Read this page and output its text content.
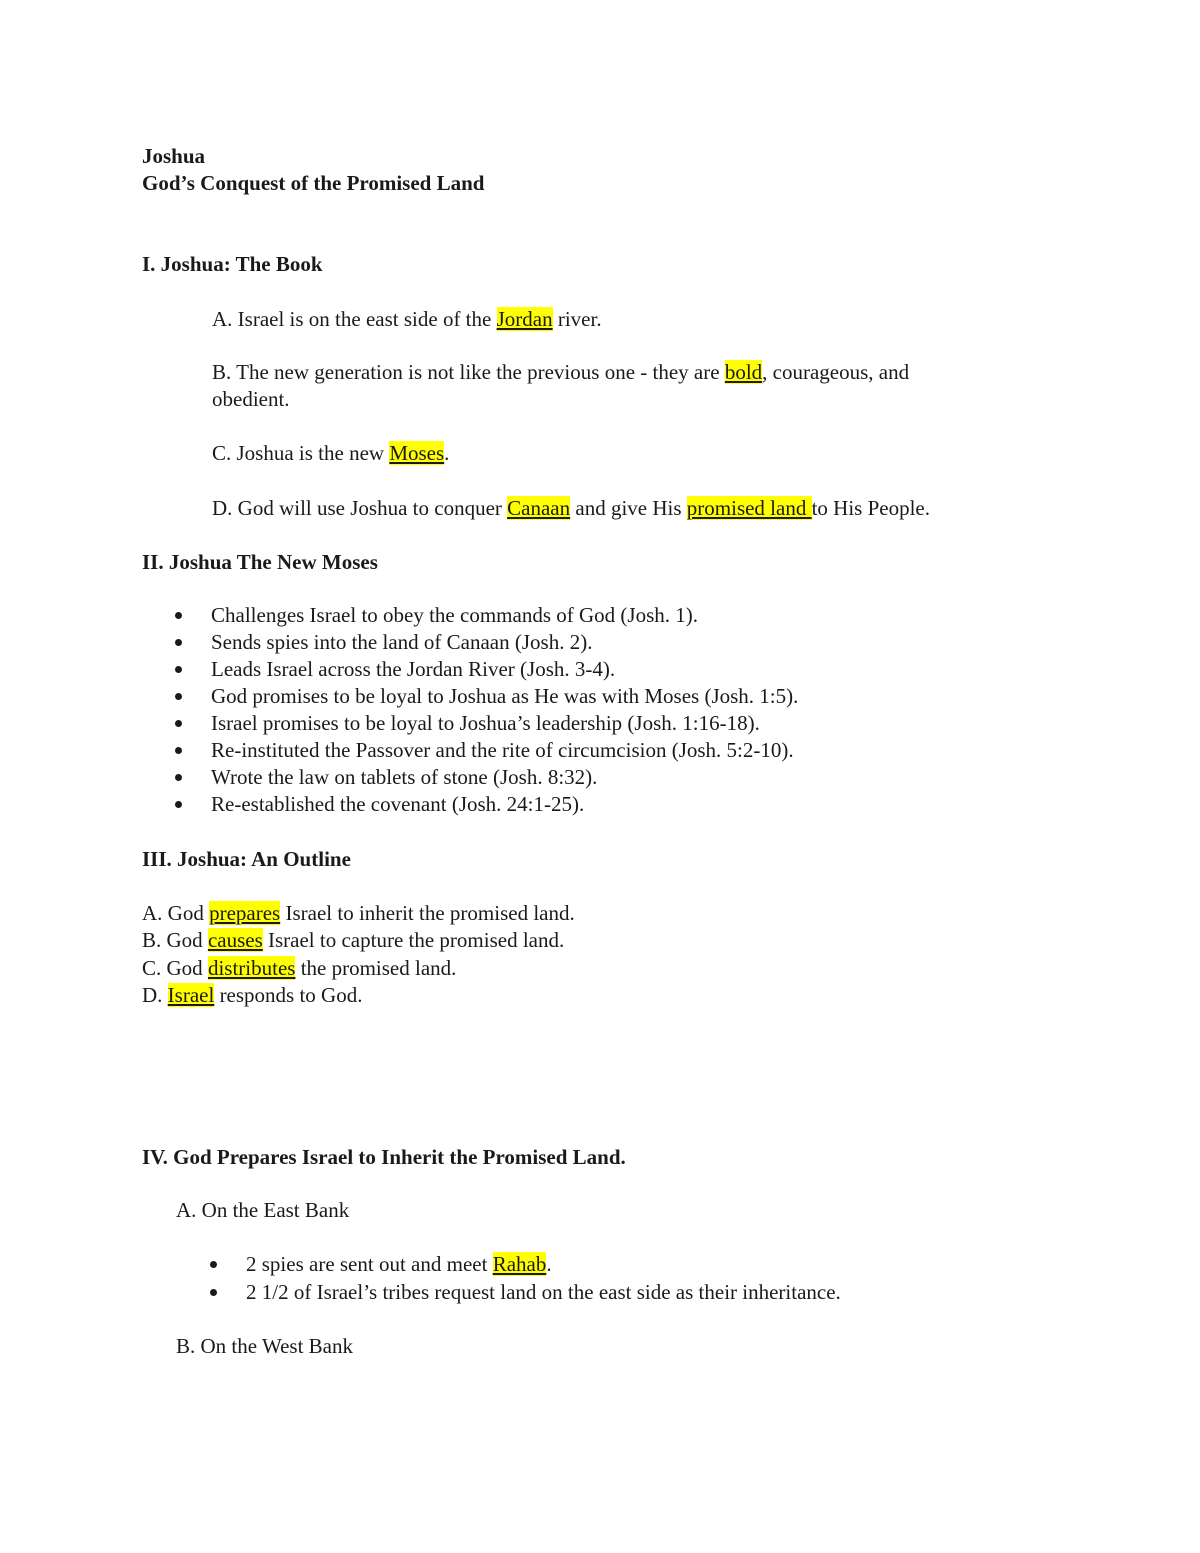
Joshua
God’s Conquest of the Promised Land
I. Joshua: The Book
A. Israel is on the east side of the Jordan river.
B. The new generation is not like the previous one - they are bold, courageous, and
obedient.
C. Joshua is the new Moses.
D. God will use Joshua to conquer Canaan and give His promised land to His People.
II. Joshua The New Moses
Challenges Israel to obey the commands of God (Josh. 1).
Sends spies into the land of Canaan (Josh. 2).
Leads Israel across the Jordan River (Josh. 3-4).
God promises to be loyal to Joshua as He was with Moses (Josh. 1:5).
Israel promises to be loyal to Joshua’s leadership (Josh. 1:16-18).
Re-instituted the Passover and the rite of circumcision (Josh. 5:2-10).
Wrote the law on tablets of stone (Josh. 8:32).
Re-established the covenant (Josh. 24:1-25).
III. Joshua: An Outline
A. God prepares Israel to inherit the promised land.
B. God causes Israel to capture the promised land.
C. God distributes the promised land.
D. Israel responds to God.
IV. God Prepares Israel to Inherit the Promised Land.
A. On the East Bank
2 spies are sent out and meet Rahab.
2 1/2 of Israel’s tribes request land on the east side as their inheritance.
B. On the West Bank
